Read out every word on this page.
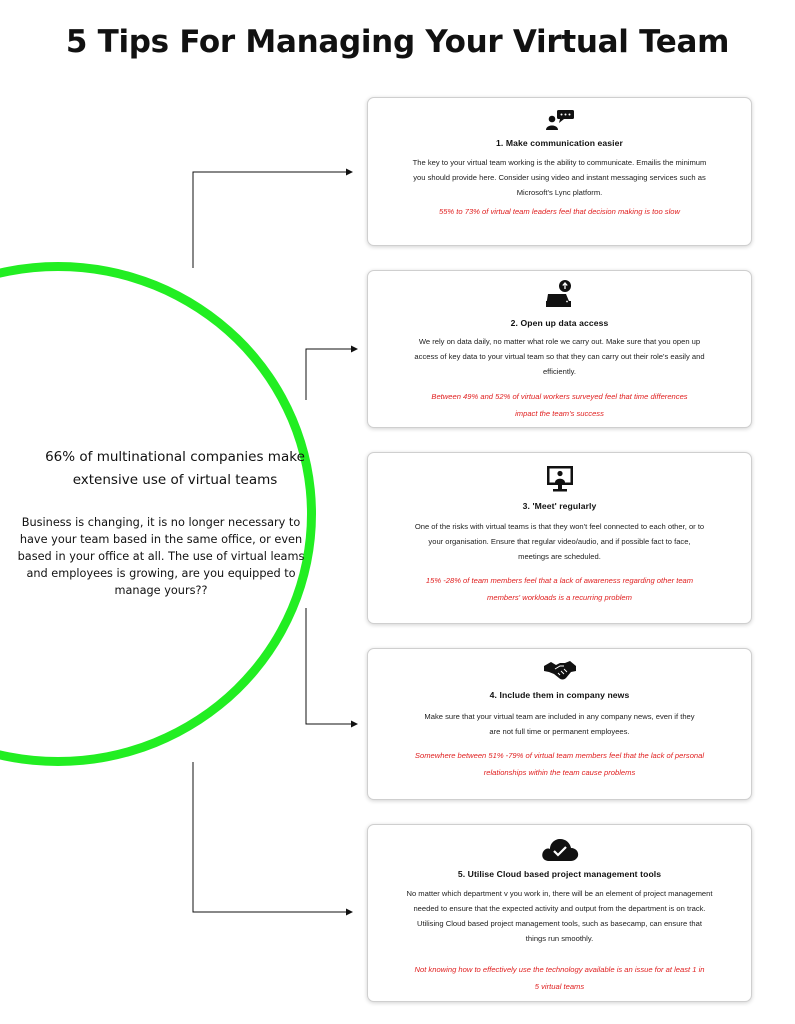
5 Tips For Managing Your Virtual Team
66% of multinational companies make extensive use of virtual teams

Business is changing, it is no longer necessary to have your team based in the same office, or even based in your office at all. The use of virtual leams and employees is growing, are you equipped to manage yours??

1. Make communication easier

The key to your virtual team working is the ability to communicate. Emailis the minimum you should provide here. Consider using video and instant messaging services such as Microsoft's Lync platform.

55% to 73% of virtual team leaders feel that decision making is too slow

2. Open up data access

We rely on data daily, no matter what role we carry out. Make sure that you open up access of key data to your virtual team so that they can carry out their role's easily and efficiently.

Between 49% and 52% of virtual workers surveyed feel that time differences impact the team's success

3. 'Meet' regularly

One of the risks with virtual teams is that they won't feel connected to each other, or to your organisation. Ensure that regular video/audio, and if possible fact to face, meetings are scheduled.

15% -28% of team members feel that a lack of awareness regarding other team members' workloads is a recurring problem

4. Include them in company news

Make sure that your virtual team are included in any company news, even if they are not full time or permanent employees.

Somewhere between 51% -79% of virtual team members feel that the lack of personal relationships within the team cause problems

5. Utilise Cloud based project management tools

No matter which department v you work in, there will be an element of project management needed to ensure that the expected activity and output from the department is on track. Utilising Cloud based project management tools, such as basecamp, can ensure that things run smoothly.

Not knowing how to effectively use the technology available is an issue for at least 1 in 5 virtual teams
